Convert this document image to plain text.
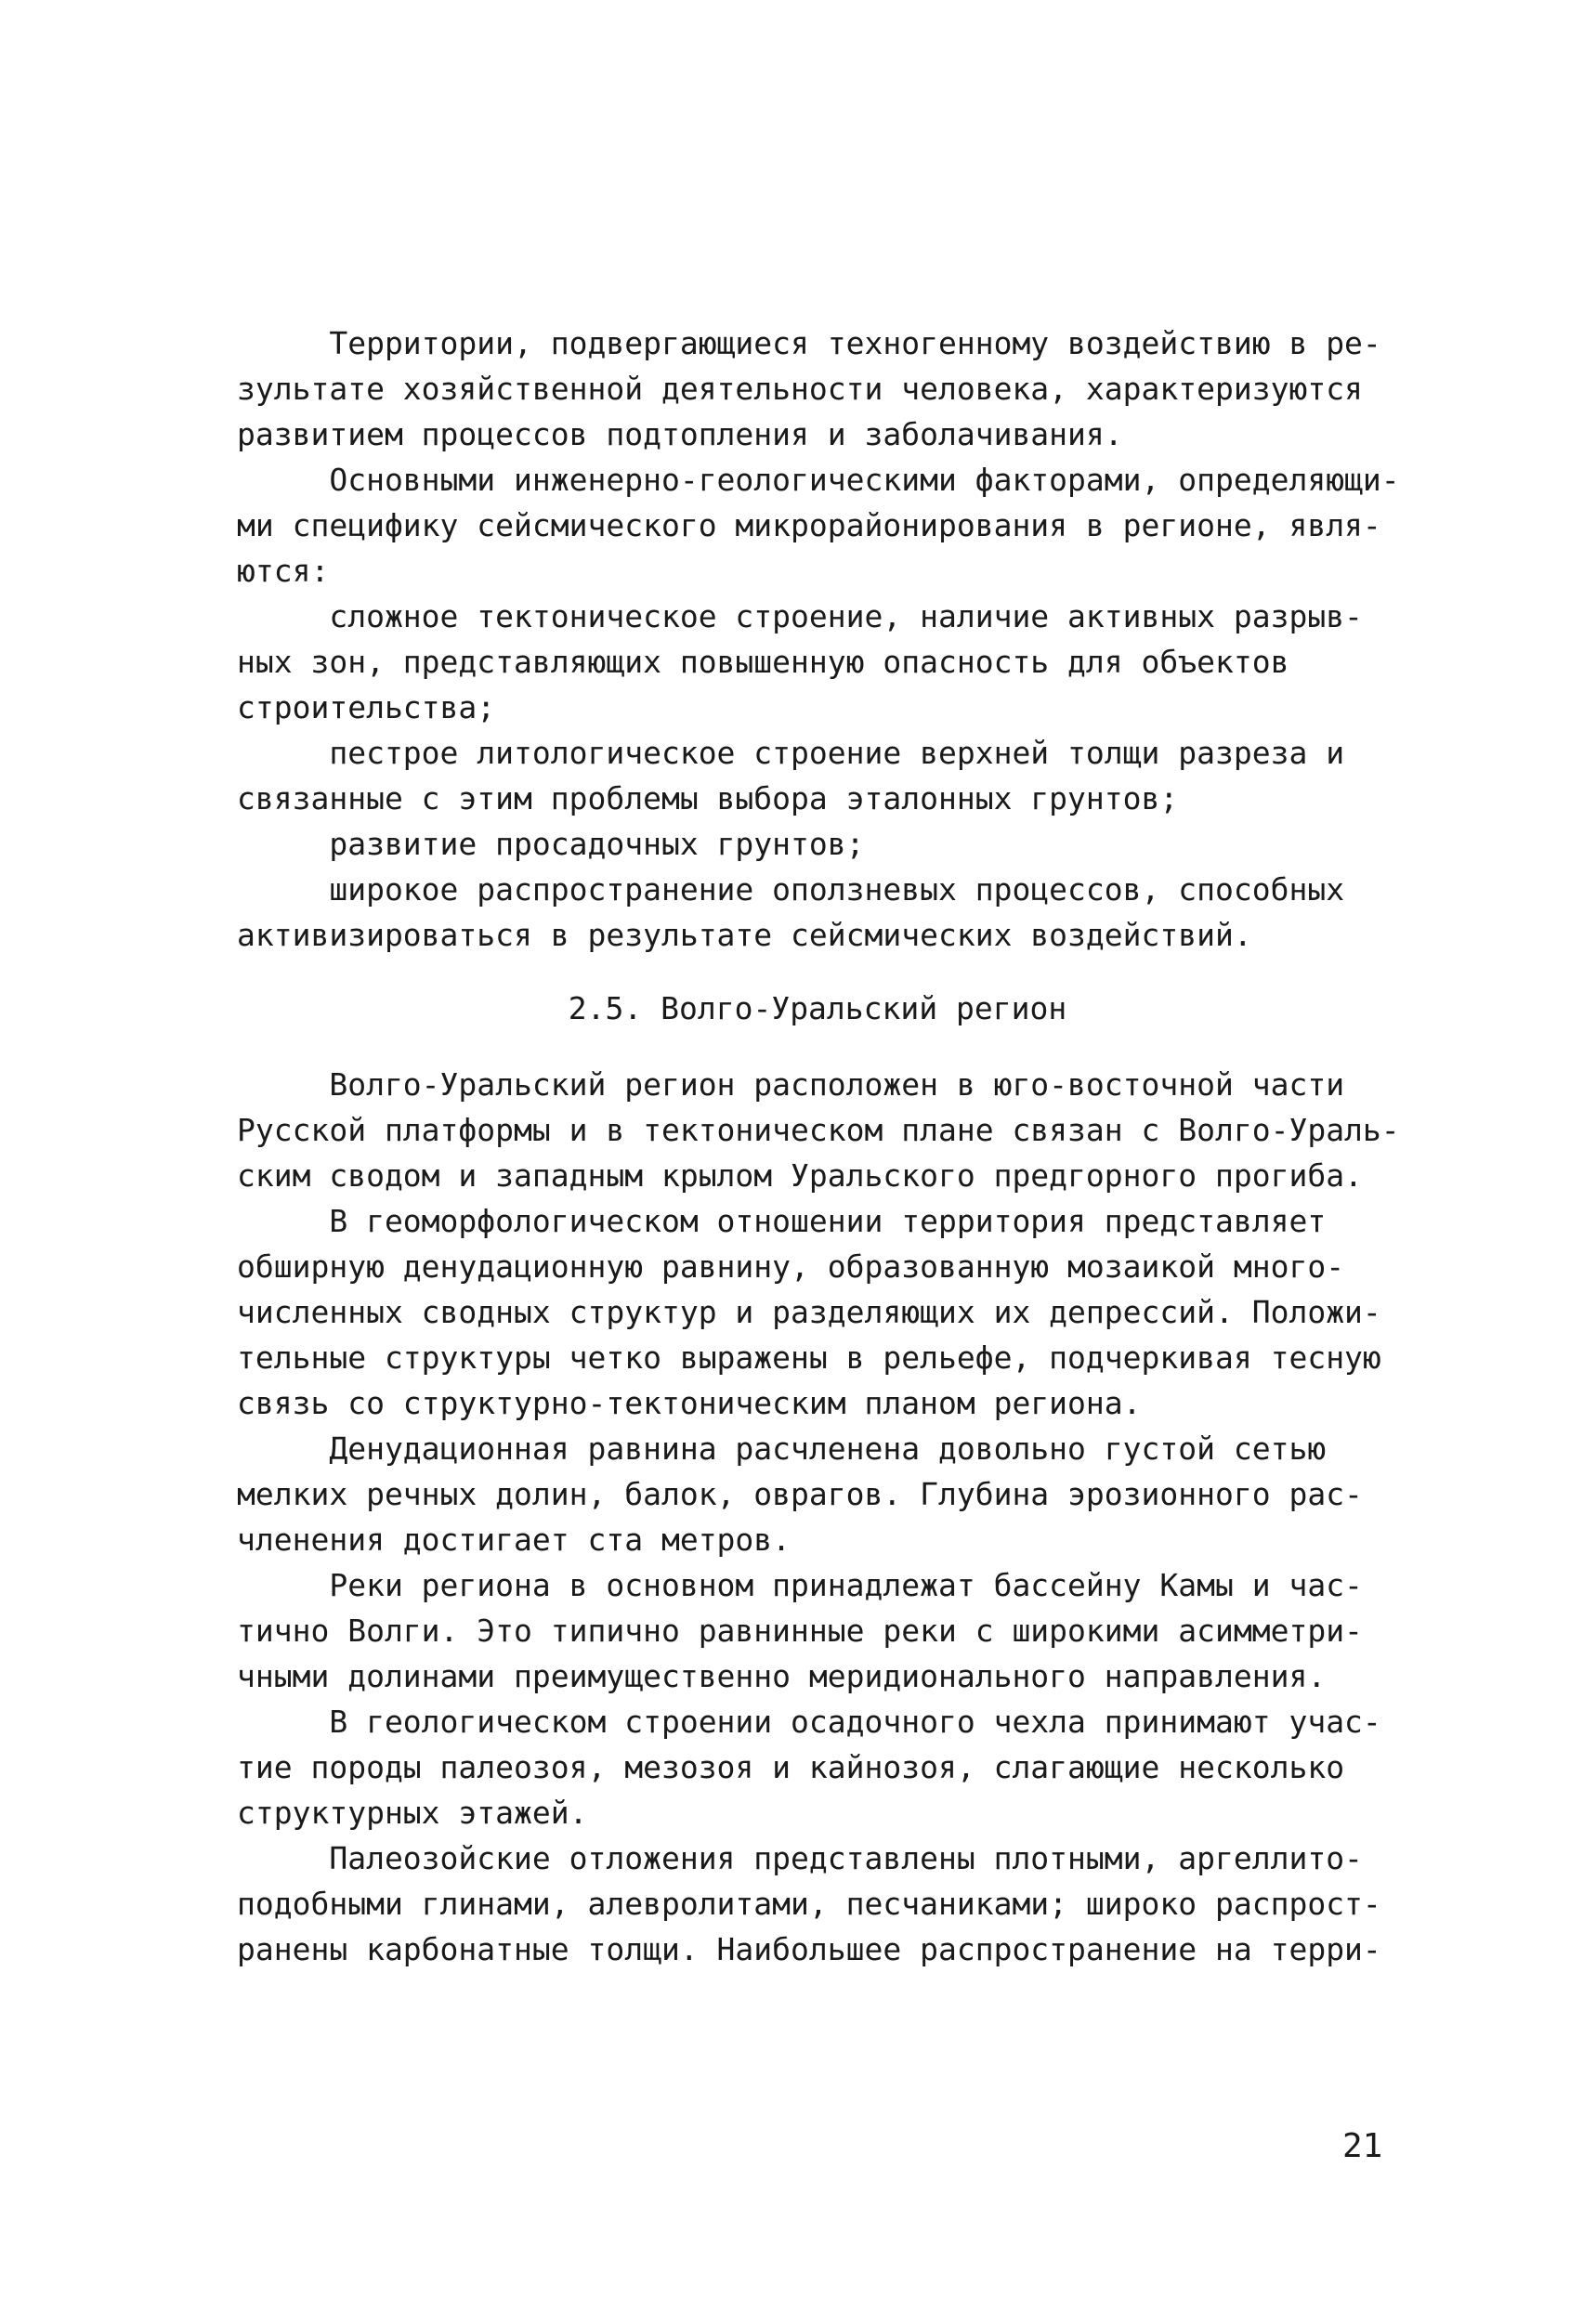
Территории, подвергающиеся техногенному воздействию в ре-
зультате хозяйственной деятельности человека, характеризуются
развитием процессов подтопления и заболачивания.
Основными инженерно-геологическими факторами, определяющи-
ми специфику сейсмического микрорайонирования в регионе, явля-
ются:
сложное тектоническое строение, наличие активных разрыв-
ных зон, представляющих повышенную опасность для объектов
строительства;
пестрое литологическое строение верхней толщи разреза и
связанные с этим проблемы выбора эталонных грунтов;
развитие просадочных грунтов;
широкое распространение оползневых процессов, способных
активизироваться в результате сейсмических воздействий.
2.5. Волго-Уральский регион
Волго-Уральский регион расположен в юго-восточной части
Русской платформы и в тектоническом плане связан с Волго-Ураль-
ским сводом и западным крылом Уральского предгорного прогиба.
В геоморфологическом отношении территория представляет
обширную денудационную равнину, образованную мозаикой много-
численных сводных структур и разделяющих их депрессий. Положи-
тельные структуры четко выражены в рельефе, подчеркивая тесную
связь со структурно-тектоническим планом региона.
Денудационная равнина расчленена довольно густой сетью
мелких речных долин, балок, оврагов. Глубина эрозионного рас-
членения достигает ста метров.
Реки региона в основном принадлежат бассейну Камы и час-
тично Волги. Это типично равнинные реки с широкими асимметри-
чными долинами преимущественно меридионального направления.
В геологическом строении осадочного чехла принимают учас-
тие породы палеозоя, мезозоя и кайнозоя, слагающие несколько
структурных этажей.
Палеозойские отложения представлены плотными, аргеллито-
подобными глинами, алевролитами, песчаниками; широко распрост-
ранены карбонатные толщи. Наибольшее распространение на терри-
21
